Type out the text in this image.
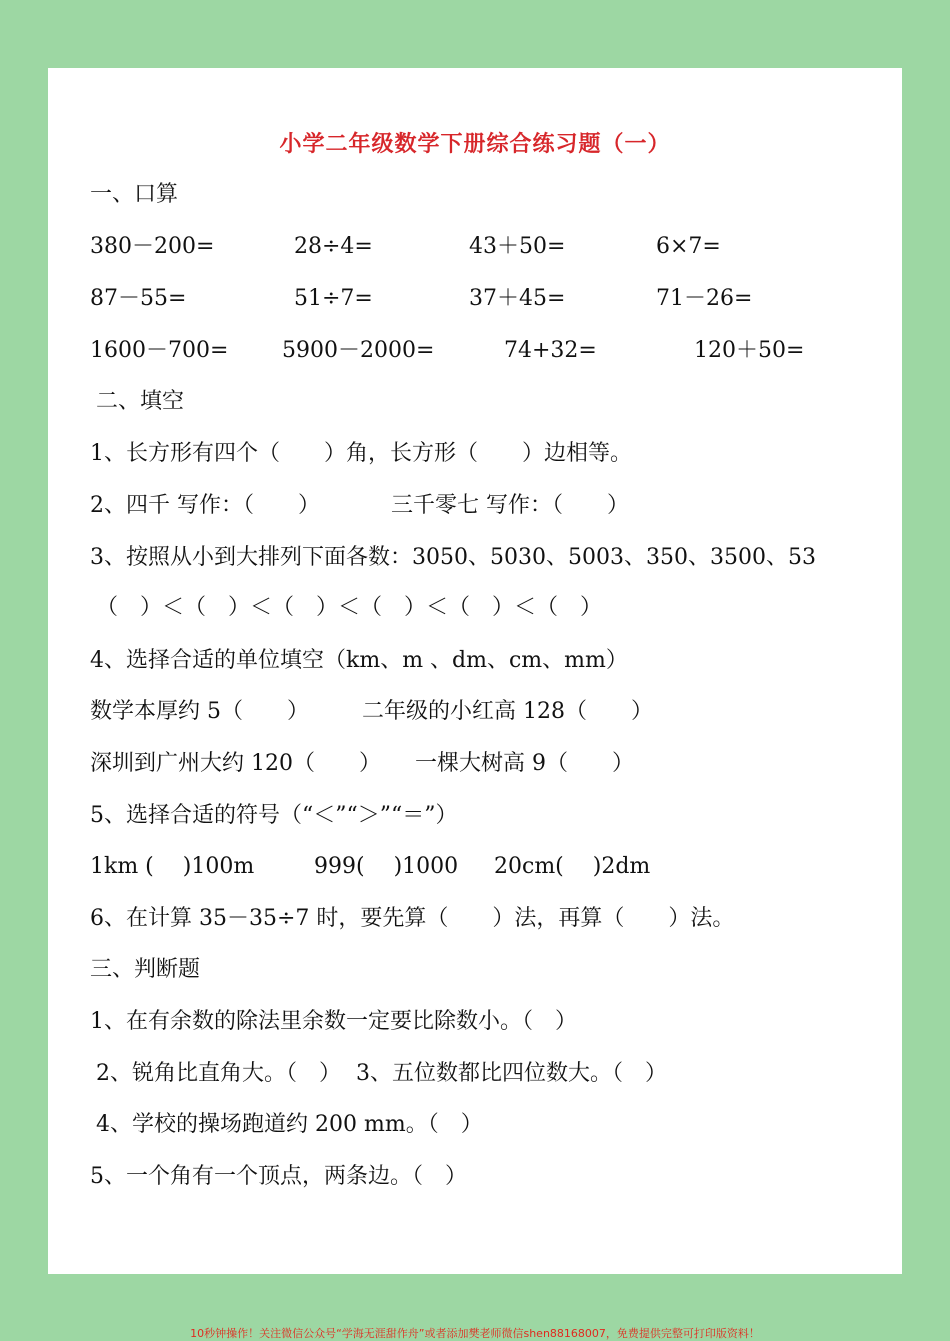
小学二年级数学下册综合练习题（一）
一、口算
380－200=	28÷4=	43＋50=	6×7=
87－55=	51÷7=	37＋45=	71－26=
1600－700= 5900－2000=	74+32=	120＋50=
二、填空
1、长方形有四个（　　）角，长方形（　　）边相等。
2、四千 写作：（　　）	三千零七 写作：（　　）
3、按照从小到大排列下面各数：3050、5030、5003、350、3500、53
（　）＜（　）＜（　）＜（　）＜（　）＜（　）
4、选择合适的单位填空（km、m 、dm、cm、mm）
数学本厚约 5（　　） 二年级的小红高 128（　　）
深圳到广州大约 120（　　） 一棵大树高 9（　　）
5、选择合适的符号（“＜”“＞”“＝”）
1km (　 )100m	999(　 )1000 20cm(　 )2dm
6、在计算 35－35÷7 时，要先算（　　）法，再算（　　）法。
三、判断题
1、在有余数的除法里余数一定要比除数小。（　）
2、锐角比直角大。（　） 3、五位数都比四位数大。（　）
4、学校的操场跑道约 200 mm。（　）
5、一个角有一个顶点，两条边。（　）
10秒钟操作！关注微信公众号“学海无涯甜作舟”或者添加樊老师微信shen88168007，免费提供完整可打印版资料！
